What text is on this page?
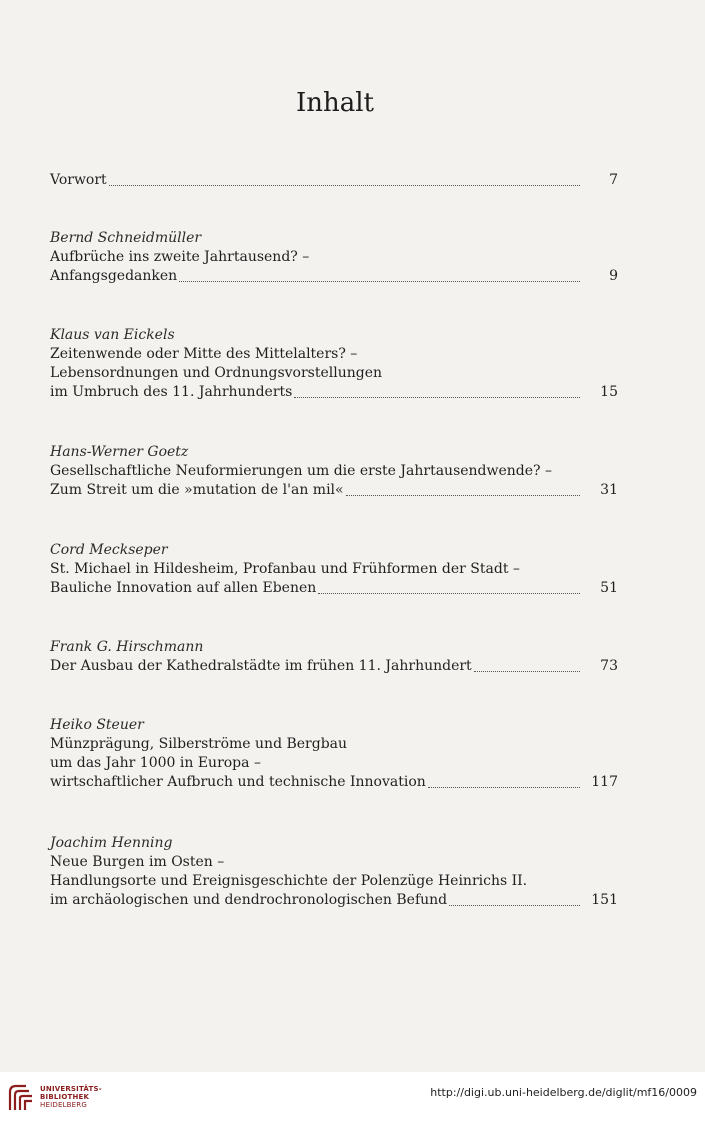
Inhalt
Vorwort	7
Bernd Schneidmüller
Aufbrüche ins zweite Jahrtausend? –
Anfangsgedanken	9
Klaus van Eickels
Zeitenwende oder Mitte des Mittelalters? –
Lebensordnungen und Ordnungsvorstellungen
im Umbruch des 11. Jahrhunderts	15
Hans-Werner Goetz
Gesellschaftliche Neuformierungen um die erste Jahrtausendwende? –
Zum Streit um die »mutation de l'an mil«	31
Cord Meckseper
St. Michael in Hildesheim, Profanbau und Frühformen der Stadt –
Bauliche Innovation auf allen Ebenen	51
Frank G. Hirschmann
Der Ausbau der Kathedralstädte im frühen 11. Jahrhundert	73
Heiko Steuer
Münzprägung, Silberströme und Bergbau
um das Jahr 1000 in Europa –
wirtschaftlicher Aufbruch und technische Innovation	117
Joachim Henning
Neue Burgen im Osten –
Handlungsorte und Ereignisgeschichte der Polenzüge Heinrichs II.
im archäologischen und dendrochronologischen Befund	151
UNIVERSITÄTS-
BIBLIOTHEK
HEIDELBERG
http://digi.ub.uni-heidelberg.de/diglit/mf16/0009
